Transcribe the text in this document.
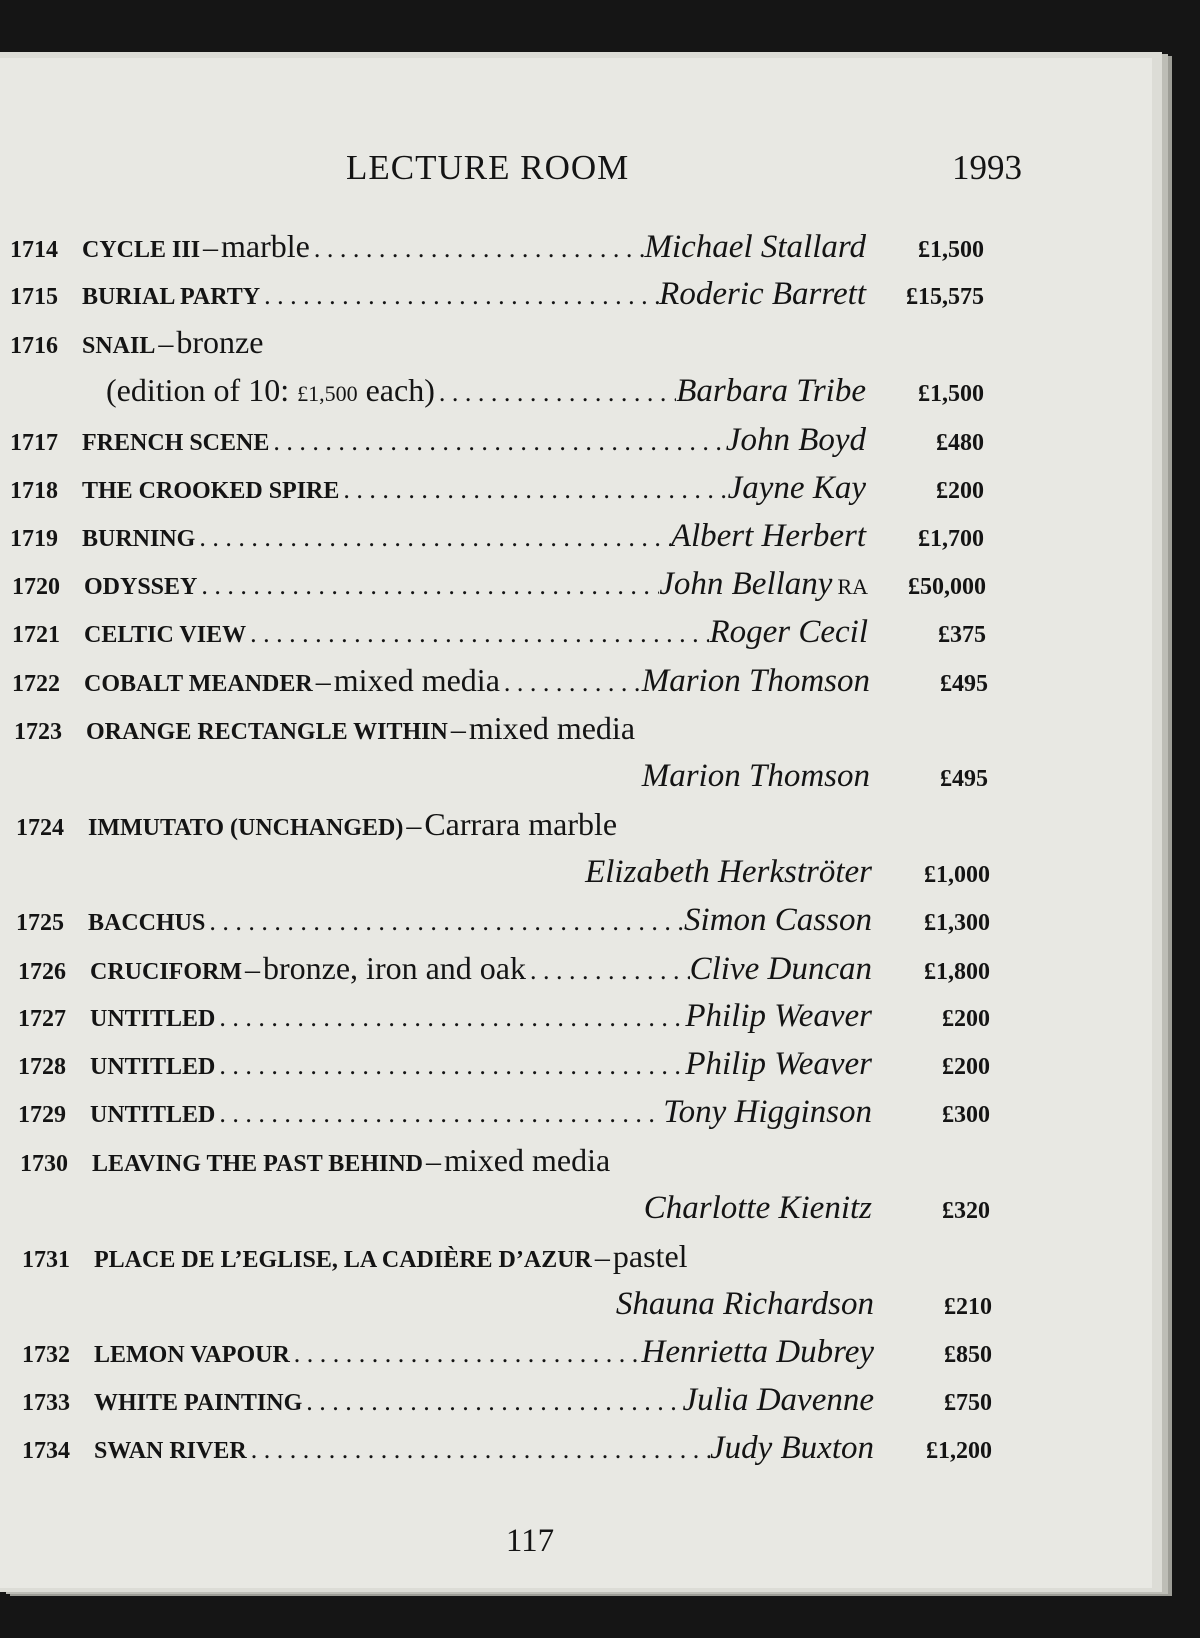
LECTURE ROOM	1993
1714	CYCLE III – marble . . .	Michael Stallard	£1,500
1715	BURIAL PARTY . . .	Roderic Barrett	£15,575
1716	SNAIL – bronze
(edition of 10: £1,500 each) . . .	Barbara Tribe	£1,500
1717	FRENCH SCENE . . .	John Boyd	£480
1718	THE CROOKED SPIRE . . .	Jayne Kay	£200
1719	BURNING . . .	Albert Herbert	£1,700
1720	ODYSSEY . . .	John Bellany RA	£50,000
1721	CELTIC VIEW . . .	Roger Cecil	£375
1722	COBALT MEANDER – mixed media . . .	Marion Thomson	£495
1723	ORANGE RECTANGLE WITHIN – mixed media
Marion Thomson	£495
1724	IMMUTATO (UNCHANGED) – Carrara marble
Elizabeth Herkströter	£1,000
1725	BACCHUS . . .	Simon Casson	£1,300
1726	CRUCIFORM – bronze, iron and oak . . .	Clive Duncan	£1,800
1727	UNTITLED . . .	Philip Weaver	£200
1728	UNTITLED . . .	Philip Weaver	£200
1729	UNTITLED . . .	Tony Higginson	£300
1730	LEAVING THE PAST BEHIND – mixed media
Charlotte Kienitz	£320
1731	PLACE DE L’EGLISE, LA CADIÈRE D’AZUR – pastel
Shauna Richardson	£210
1732	LEMON VAPOUR . . .	Henrietta Dubrey	£850
1733	WHITE PAINTING . . .	Julia Davenne	£750
1734	SWAN RIVER . . .	Judy Buxton	£1,200
117
